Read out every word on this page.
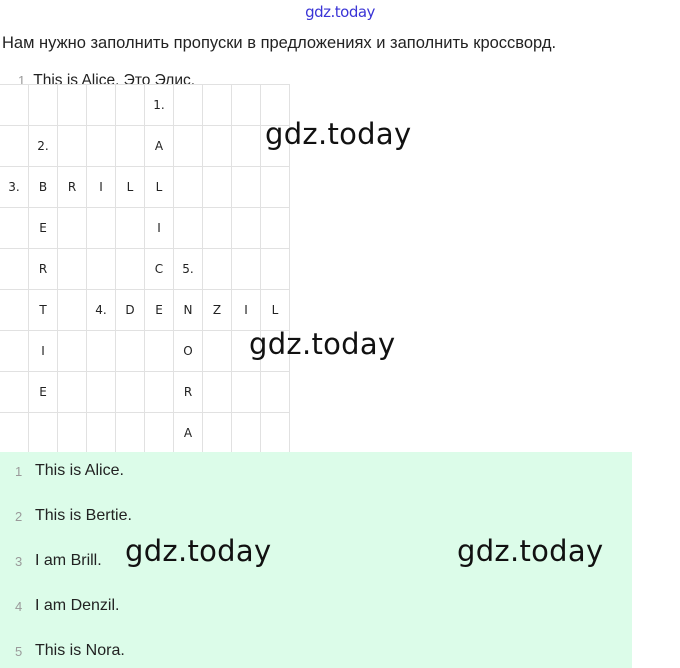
gdz.today
Нам нужно заполнить пропуски в предложениях и заполнить кроссворд.
1 This is Alice. Это Элис.
					1.				
	2.				A				
3.	B	R	I	L	L				
	E				I				
	R				C	5.			
	T		4.	D	E	N	Z	I	L
	I					O			
	E					R			
						A			
gdz.today
gdz.today
1 This is Alice.
2 This is Bertie.
3 I am Brill.
4 I am Denzil.
5 This is Nora.
gdz.today	gdz.today
